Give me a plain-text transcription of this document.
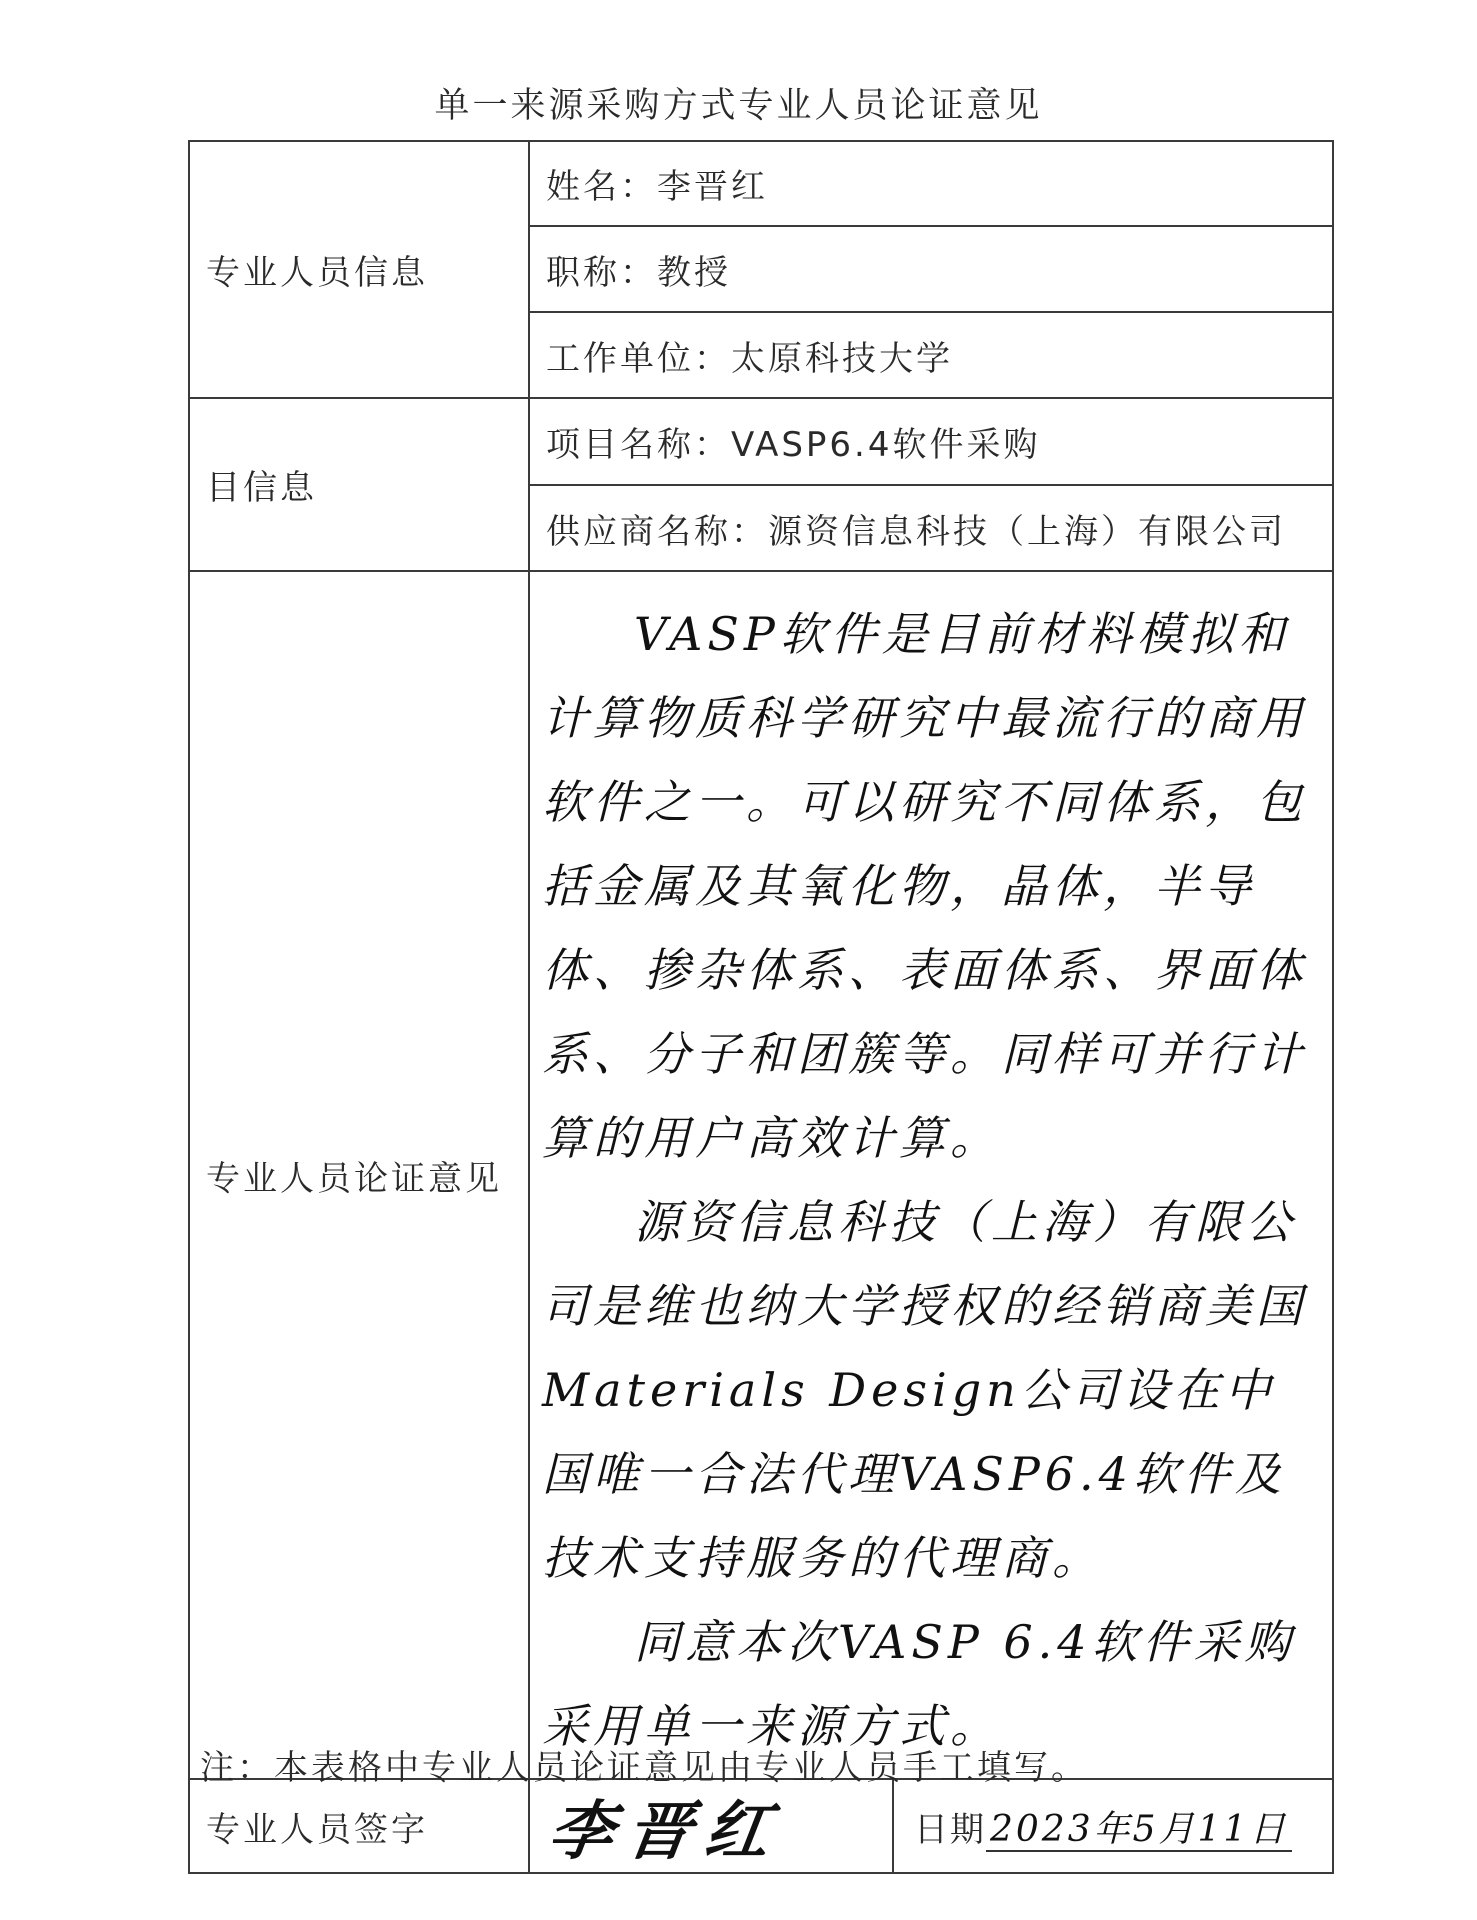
单一来源采购方式专业人员论证意见
专业人员信息	姓名：李晋红	
	职称：教授	
	工作单位：太原科技大学	
目信息	项目名称：VASP6.4软件采购	
	供应商名称：源资信息科技（上海）有限公司	
专业人员论证意见	VASP软件是目前材料模拟和计算物质科学研究中最流行的商用软件之一。可以研究不同体系，包括金属及其氧化物，晶体，半导体、掺杂体系、表面体系、界面体系、分子和团簇等。同样可并行计算的用户高效计算。

源资信息科技（上海）有限公司是维也纳大学授权的经销商美国Materials Design公司设在中国唯一合法代理VASP6.4软件及技术支持服务的代理商。

同意本次VASP 6.4软件采购采用单一来源方式。	

专业人员签字	李晋红	日期 2023年5月11日
注：本表格中专业人员论证意见由专业人员手工填写。
